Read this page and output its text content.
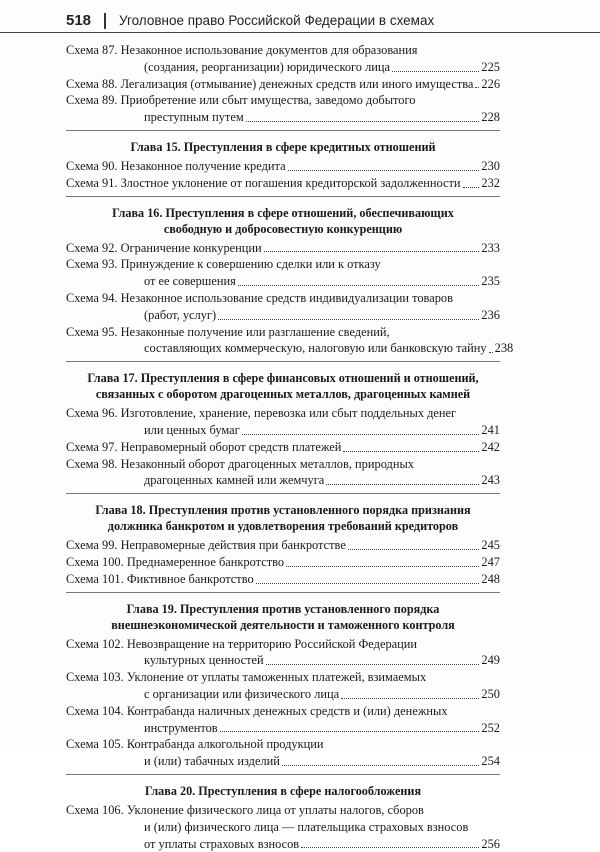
518 Уголовное право Российской Федерации в схемах
Схема 87.
Незаконное использование документов для образования
(создания, реорганизации) юридического лица	225
Схема 88.
Легализация (отмывание) денежных средств или иного имущества 226
Схема 89.
Приобретение или сбыт имущества, заведомо добытого
преступным путем	228
Глава 15. Преступления в сфере кредитных отношений
Схема 90.
Незаконное получение кредита	230
Схема 91.
Злостное уклонение от погашения кредиторской задолженности 232
Глава 16. Преступления в сфере отношений, обеспечивающих
свободную и добросовестную конкуренцию
Схема 92.
Ограничение конкуренции	233
Схема 93.
Принуждение к совершению сделки или к отказу
от ее совершения	235
Схема 94.
Незаконное использование средств индивидуализации товаров
(работ, услуг)	236
Схема 95.
Незаконные получение или разглашение сведений,
составляющих коммерческую, налоговую или банковскую тайну 238
Глава 17. Преступления в сфере финансовых отношений и отношений,
связанных с оборотом драгоценных металлов, драгоценных камней
Схема 96.
Изготовление, хранение, перевозка или сбыт поддельных денег
или ценных бумаг	241
Схема 97.
Неправомерный оборот средств платежей	242
Схема 98.
Незаконный оборот драгоценных металлов, природных
драгоценных камней или жемчуга	243
Глава 18. Преступления против установленного порядка признания
должника банкротом и удовлетворения требований кредиторов
Схема 99.
Неправомерные действия при банкротстве	245
Схема 100.
Преднамеренное банкротство	247
Схема 101.
Фиктивное банкротство	248
Глава 19. Преступления против установленного порядка
внешнеэкономической деятельности и таможенного контроля
Схема 102.
Невозвращение на территорию Российской Федерации
культурных ценностей	249
Схема 103.
Уклонение от уплаты таможенных платежей, взимаемых
с организации или физического лица	250
Схема 104.
Контрабанда наличных денежных средств и (или) денежных
инструментов	252
Схема 105.
Контрабанда алкогольной продукции
и (или) табачных изделий	254
Глава 20. Преступления в сфере налогообложения
Схема 106.
Уклонение физического лица от уплаты налогов, сборов
и (или) физического лица — плательщика страховых взносов
от уплаты страховых взносов	256
